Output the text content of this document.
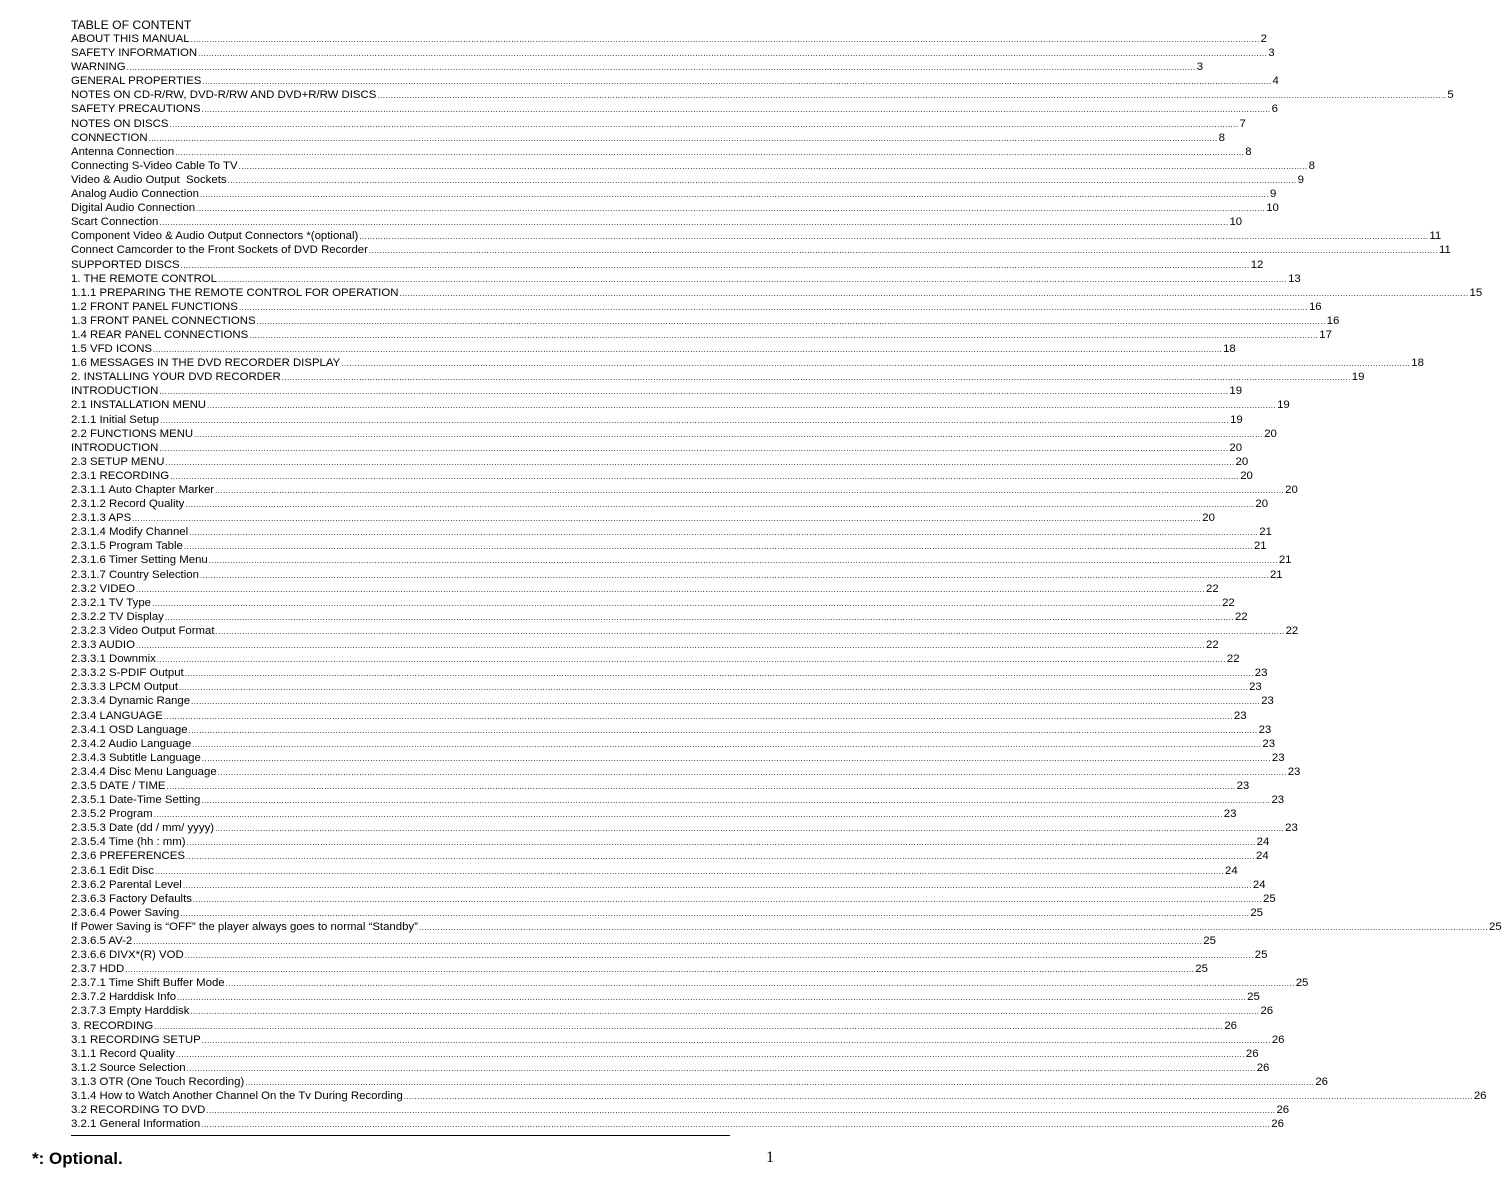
TABLE OF CONTENT
ABOUT THIS MANUAL ................................................................................................................................................................................................................................................................................................................................................................................................................ 2
SAFETY INFORMATION ................................................................................................................................................................................................................................................................................................................................................................................................................ 3
WARNING ................................................................................................................................................................................................................................................................................................................................................................................................................ 3
GENERAL PROPERTIES ................................................................................................................................................................................................................................................................................................................................................................................................................ 4
NOTES ON CD-R/RW, DVD-R/RW AND DVD+R/RW DISCS ................................................................................................................................................................................................................................................................................................................................................................................................................ 5
SAFETY PRECAUTIONS ................................................................................................................................................................................................................................................................................................................................................................................................................ 6
NOTES ON DISCS ................................................................................................................................................................................................................................................................................................................................................................................................................ 7
CONNECTION ................................................................................................................................................................................................................................................................................................................................................................................................................ 8
Antenna Connection ................................................................................................................................................................................................................................................................................................................................................................................................................ 8
Connecting S-Video Cable To TV ................................................................................................................................................................................................................................................................................................................................................................................................................ 8
Video & Audio Output  Sockets ................................................................................................................................................................................................................................................................................................................................................................................................................ 9
Analog Audio Connection ................................................................................................................................................................................................................................................................................................................................................................................................................ 9
Digital Audio Connection ................................................................................................................................................................................................................................................................................................................................................................................................................ 10
Scart Connection ................................................................................................................................................................................................................................................................................................................................................................................................................ 10
Component Video & Audio Output Connectors *(optional) ................................................................................................................................................................................................................................................................................................................................................................................................................ 11
Connect Camcorder to the Front Sockets of DVD Recorder ................................................................................................................................................................................................................................................................................................................................................................................................................ 11
SUPPORTED DISCS ................................................................................................................................................................................................................................................................................................................................................................................................................ 12
1. THE REMOTE CONTROL ................................................................................................................................................................................................................................................................................................................................................................................................................ 13
1.1.1 PREPARING THE REMOTE CONTROL FOR OPERATION ................................................................................................................................................................................................................................................................................................................................................................................................................ 15
1.2 FRONT PANEL FUNCTIONS ................................................................................................................................................................................................................................................................................................................................................................................................................ 16
1.3 FRONT PANEL CONNECTIONS ................................................................................................................................................................................................................................................................................................................................................................................................................ 16
1.4 REAR PANEL CONNECTIONS ................................................................................................................................................................................................................................................................................................................................................................................................................ 17
1.5 VFD ICONS ................................................................................................................................................................................................................................................................................................................................................................................................................ 18
1.6 MESSAGES IN THE DVD RECORDER DISPLAY ................................................................................................................................................................................................................................................................................................................................................................................................................ 18
2. INSTALLING YOUR DVD RECORDER ................................................................................................................................................................................................................................................................................................................................................................................................................ 19
INTRODUCTION ................................................................................................................................................................................................................................................................................................................................................................................................................ 19
2.1 INSTALLATION MENU ................................................................................................................................................................................................................................................................................................................................................................................................................ 19
2.1.1 Initial Setup ................................................................................................................................................................................................................................................................................................................................................................................................................ 19
2.2 FUNCTIONS MENU ................................................................................................................................................................................................................................................................................................................................................................................................................ 20
INTRODUCTION ................................................................................................................................................................................................................................................................................................................................................................................................................ 20
2.3 SETUP MENU ................................................................................................................................................................................................................................................................................................................................................................................................................ 20
2.3.1 RECORDING ................................................................................................................................................................................................................................................................................................................................................................................................................ 20
2.3.1.1 Auto Chapter Marker ................................................................................................................................................................................................................................................................................................................................................................................................................ 20
2.3.1.2 Record Quality ................................................................................................................................................................................................................................................................................................................................................................................................................ 20
2.3.1.3 APS ................................................................................................................................................................................................................................................................................................................................................................................................................ 20
2.3.1.4 Modify Channel ................................................................................................................................................................................................................................................................................................................................................................................................................ 21
2.3.1.5 Program Table ................................................................................................................................................................................................................................................................................................................................................................................................................ 21
2.3.1.6 Timer Setting Menu ................................................................................................................................................................................................................................................................................................................................................................................................................ 21
2.3.1.7 Country Selection ................................................................................................................................................................................................................................................................................................................................................................................................................ 21
2.3.2 VIDEO ................................................................................................................................................................................................................................................................................................................................................................................................................ 22
2.3.2.1 TV Type ................................................................................................................................................................................................................................................................................................................................................................................................................ 22
2.3.2.2 TV Display ................................................................................................................................................................................................................................................................................................................................................................................................................ 22
2.3.2.3 Video Output Format ................................................................................................................................................................................................................................................................................................................................................................................................................ 22
2.3.3 AUDIO ................................................................................................................................................................................................................................................................................................................................................................................................................ 22
2.3.3.1 Downmix ................................................................................................................................................................................................................................................................................................................................................................................................................ 22
2.3.3.2 S-PDIF Output ................................................................................................................................................................................................................................................................................................................................................................................................................ 23
2.3.3.3 LPCM Output ................................................................................................................................................................................................................................................................................................................................................................................................................ 23
2.3.3.4 Dynamic Range ................................................................................................................................................................................................................................................................................................................................................................................................................ 23
2.3.4 LANGUAGE ................................................................................................................................................................................................................................................................................................................................................................................................................ 23
2.3.4.1 OSD Language ................................................................................................................................................................................................................................................................................................................................................................................................................ 23
2.3.4.2 Audio Language ................................................................................................................................................................................................................................................................................................................................................................................................................ 23
2.3.4.3 Subtitle Language ................................................................................................................................................................................................................................................................................................................................................................................................................ 23
2.3.4.4 Disc Menu Language ................................................................................................................................................................................................................................................................................................................................................................................................................ 23
2.3.5 DATE / TIME ................................................................................................................................................................................................................................................................................................................................................................................................................ 23
2.3.5.1 Date-Time Setting ................................................................................................................................................................................................................................................................................................................................................................................................................ 23
2.3.5.2 Program ................................................................................................................................................................................................................................................................................................................................................................................................................ 23
2.3.5.3 Date (dd / mm/ yyyy) ................................................................................................................................................................................................................................................................................................................................................................................................................ 23
2.3.5.4 Time (hh : mm) ................................................................................................................................................................................................................................................................................................................................................................................................................ 24
2.3.6 PREFERENCES ................................................................................................................................................................................................................................................................................................................................................................................................................ 24
2.3.6.1 Edit Disc ................................................................................................................................................................................................................................................................................................................................................................................................................ 24
2.3.6.2 Parental Level ................................................................................................................................................................................................................................................................................................................................................................................................................ 24
2.3.6.3 Factory Defaults ................................................................................................................................................................................................................................................................................................................................................................................................................ 25
2.3.6.4 Power Saving ................................................................................................................................................................................................................................................................................................................................................................................................................ 25
If Power Saving is “OFF” the player always goes to normal “Standby” ................................................................................................................................................................................................................................................................................................................................................................................................................ 25
2.3.6.5 AV-2 ................................................................................................................................................................................................................................................................................................................................................................................................................ 25
2.3.6.6 DIVX*(R) VOD ................................................................................................................................................................................................................................................................................................................................................................................................................ 25
2.3.7 HDD ................................................................................................................................................................................................................................................................................................................................................................................................................ 25
2.3.7.1 Time Shift Buffer Mode ................................................................................................................................................................................................................................................................................................................................................................................................................ 25
2.3.7.2 Harddisk Info ................................................................................................................................................................................................................................................................................................................................................................................................................ 25
2.3.7.3 Empty Harddisk ................................................................................................................................................................................................................................................................................................................................................................................................................ 26
3. RECORDING ................................................................................................................................................................................................................................................................................................................................................................................................................ 26
3.1 RECORDING SETUP ................................................................................................................................................................................................................................................................................................................................................................................................................ 26
3.1.1 Record Quality ................................................................................................................................................................................................................................................................................................................................................................................................................ 26
3.1.2 Source Selection ................................................................................................................................................................................................................................................................................................................................................................................................................ 26
3.1.3 OTR (One Touch Recording) ................................................................................................................................................................................................................................................................................................................................................................................................................ 26
3.1.4 How to Watch Another Channel On the Tv During Recording ................................................................................................................................................................................................................................................................................................................................................................................................................ 26
3.2 RECORDING TO DVD ................................................................................................................................................................................................................................................................................................................................................................................................................ 26
3.2.1 General Information ................................................................................................................................................................................................................................................................................................................................................................................................................ 26
*: Optional.	1
